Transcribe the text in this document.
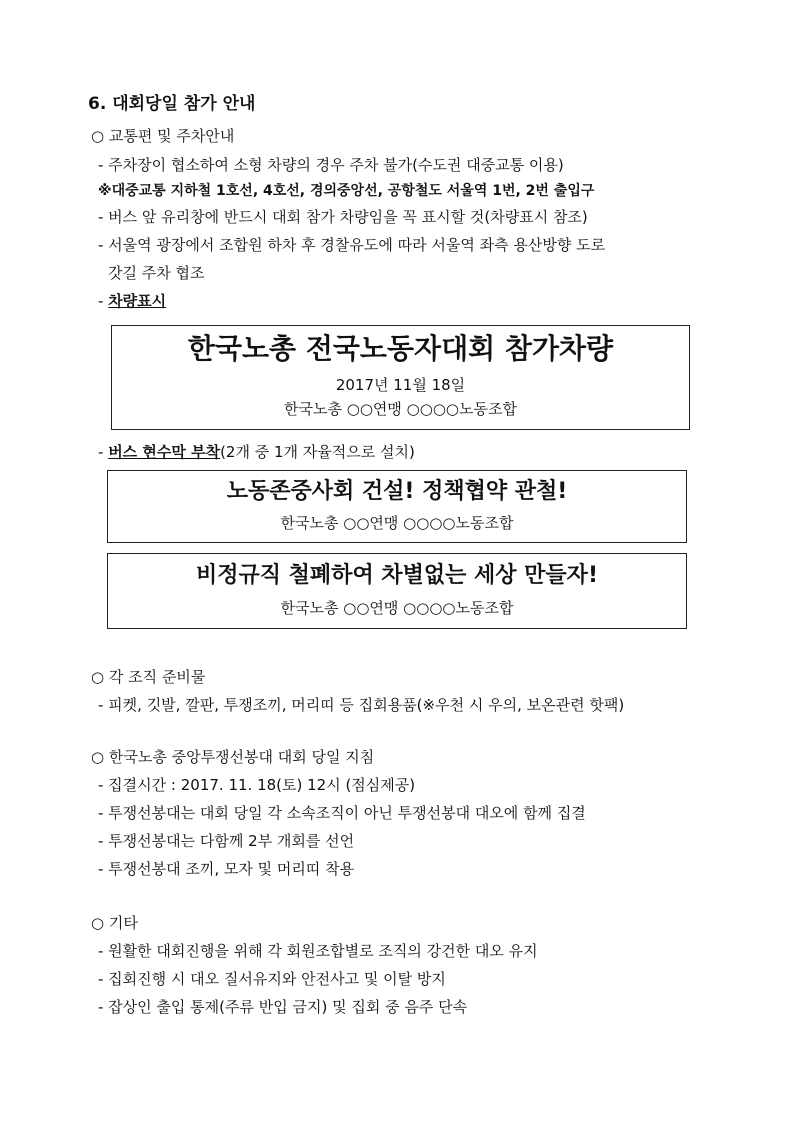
6. 대회당일 참가 안내
○ 교통편 및 주차안내
- 주차장이 협소하여 소형 차량의 경우 주차 불가(수도권 대중교통 이용)
※대중교통 지하철 1호선, 4호선, 경의중앙선, 공항철도 서울역 1번, 2번 출입구
- 버스 앞 유리창에 반드시 대회 참가 차량임을 꼭 표시할 것(차량표시 참조)
- 서울역 광장에서 조합원 하차 후 경찰유도에 따라 서울역 좌측 용산방향 도로
갓길 주차 협조
- 차량표시
한국노총 전국노동자대회 참가차량
2017년 11월 18일
한국노총 ○○연맹 ○○○○노동조합
- 버스 현수막 부착(2개 중 1개 자율적으로 설치)
노동존중사회 건설! 정책협약 관철!
한국노총 ○○연맹 ○○○○노동조합
비정규직 철폐하여 차별없는 세상 만들자!
한국노총 ○○연맹 ○○○○노동조합
○ 각 조직 준비물
- 피켓, 깃발, 깔판, 투쟁조끼, 머리띠 등 집회용품(※우천 시 우의, 보온관련 핫팩)
○ 한국노총 중앙투쟁선봉대 대회 당일 지침
- 집결시간 : 2017. 11. 18(토) 12시 (점심제공)
- 투쟁선봉대는 대회 당일 각 소속조직이 아닌 투쟁선봉대 대오에 함께 집결
- 투쟁선봉대는 다함께 2부 개회를 선언
- 투쟁선봉대 조끼, 모자 및 머리띠 착용
○ 기타
- 원활한 대회진행을 위해 각 회원조합별로 조직의 강건한 대오 유지
- 집회진행 시 대오 질서유지와 안전사고 및 이탈 방지
- 잡상인 출입 통제(주류 반입 금지) 및 집회 중 음주 단속
